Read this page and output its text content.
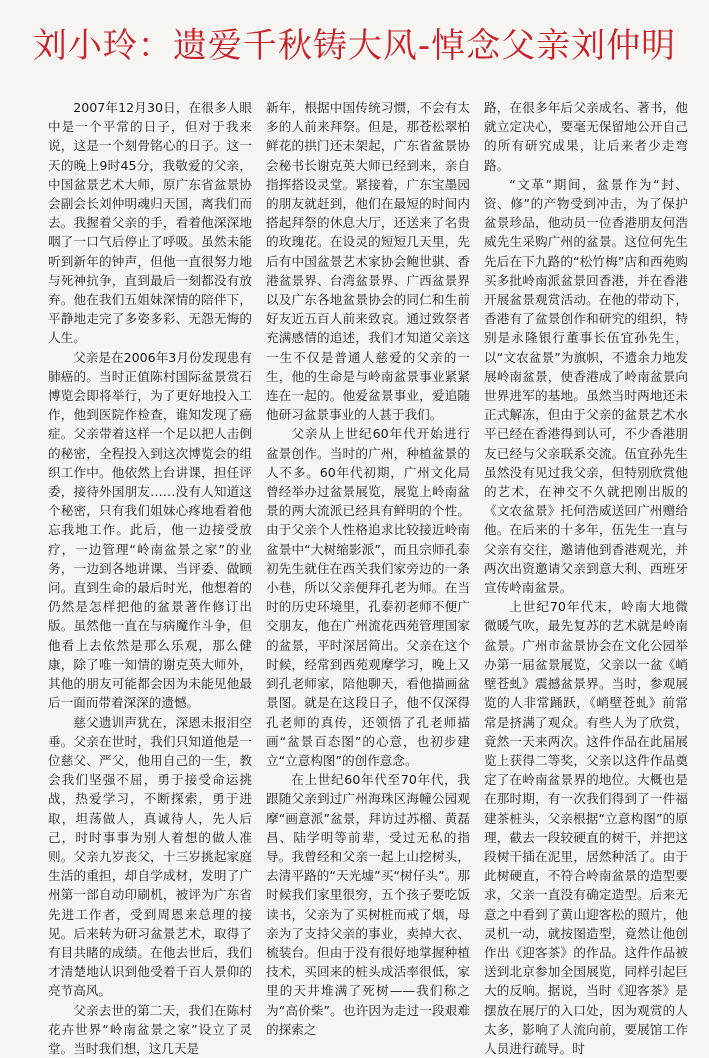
刘小玲：遗爱千秋铸大风-悼念父亲刘仲明

2007年12月30日，在很多人眼中是一个平常的日子，但对于我来说，这是一个刻骨铭心的日子。这一天的晚上9时45分，我敬爱的父亲，中国盆景艺术大师，原广东省盆景协会副会长刘仲明魂归天国，离我们而去。我握着父亲的手，看着他深深地咽了一口气后停止了呼吸。虽然未能听到新年的钟声，但他一直很努力地与死神抗争，直到最后一刻都没有放弃。他在我们五姐妹深情的陪伴下，平静地走完了多姿多彩、无怨无悔的人生。

父亲是在2006年3月份发现患有肺癌的。当时正值陈村国际盆景赏石博览会即将举行，为了更好地投入工作，他到医院作检查，谁知发现了癌症。父亲带着这样一个足以把人击倒的秘密，全程投入到这次博览会的组织工作中。他依然上台讲课，担任评委，接待外国朋友……没有人知道这个秘密，只有我们姐妹心疼地看着他忘我地工作。此后，他一边接受放疗，一边管理“岭南盆景之家”的业务，一边到各地讲课、当评委、做顾问。直到生命的最后时光，他想着的仍然是怎样把他的盆景著作修订出版。虽然他一直在与病魔作斗争，但他看上去依然是那么乐观，那么健康，除了唯一知情的谢克英大师外，其他的朋友可能都会因为未能见他最后一面而带着深深的遗憾。

慈父遗训声犹在，深恩未报泪空垂。父亲在世时，我们只知道他是一位慈父、严父，他用自己的一生，教会我们坚强不屈，勇于接受命运挑战，热爱学习，不断探索，勇于进取，坦荡做人，真诚待人，先人后己，时时事事为别人着想的做人准则。父亲九岁丧父，十三岁挑起家庭生活的重担，却自学成材，发明了广州第一部自动印刷机，被评为广东省先进工作者，受到周恩来总理的接见。后来转为研习盆景艺术，取得了有目共睹的成绩。在他去世后，我们才清楚地认识到他受着千百人景仰的亮节高风。

父亲去世的第二天，我们在陈村花卉世界“岭南盆景之家”设立了灵堂。当时我们想，这几天是

新年，根据中国传统习惯，不会有太多的人前来拜祭。但是，那苍松翠柏鲜花的拱门还未架起，广东省盆景协会秘书长谢克英大师已经到来，亲自指挥搭设灵堂。紧接着，广东宝墨园的朋友就赶到，他们在最短的时间内搭起拜祭的休息大厅，还送来了名贵的玫瑰花。在设灵的短短几天里，先后有中国盆景艺术家协会鲍世骐、香港盆景界、台湾盆景界、广西盆景界以及广东各地盆景协会的同仁和生前好友近五百人前来致哀。通过致祭者充满感情的追述，我们才知道父亲这一生不仅是普通人慈爱的父亲的一生，他的生命是与岭南盆景事业紧紧连在一起的。他爱盆景事业，爱追随他研习盆景事业的人甚于我们。

父亲从上世纪60年代开始进行盆景创作。当时的广州，种植盆景的人不多。60年代初期，广州文化局曾经举办过盆景展览，展览上岭南盆景的两大流派已经具有鲜明的个性。由于父亲个人性格追求比较接近岭南盆景中“大树缩影派”，而且宗师孔泰初先生就住在西关我们家旁边的一条小巷，所以父亲便拜孔老为师。在当时的历史环境里，孔泰初老师不便广交朋友，他在广州流花西苑管理国家的盆景，平时深居简出。父亲在这个时候，经常到西苑观摩学习，晚上又到孔老师家，陪他聊天，看他描画盆景图。就是在这段日子，他不仅深得孔老师的真传，还领悟了孔老师描画“盆景百态图”的心意，也初步建立“立意构图”的创作意念。

在上世纪60年代至70年代，我跟随父亲到过广州海珠区海幢公园观摩“画意派”盆景，拜访过苏榴、黄磊昌、陆学明等前辈，受过无私的指导。我曾经和父亲一起上山挖树头，去清平路的“天光墟”买“树仔头”。那时候我们家里很穷，五个孩子要吃饭读书，父亲为了买树桩而戒了烟，母亲为了支持父亲的事业，卖掉大衣、梳装台。但由于没有很好地掌握种植技术，买回来的桩头成活率很低，家里的天井堆满了死树——我们称之为“高价柴”。也许因为走过一段艰难的探索之

路，在很多年后父亲成名、著书，他就立定决心，要毫无保留地公开自己的所有研究成果，让后来者少走弯路。

“文革”期间，盆景作为“封、资、修”的产物受到冲击，为了保护盆景珍品，他动员一位香港朋友何浩威先生采购广州的盆景。这位何先生先后在下九路的“松竹梅”店和西苑购买多批岭南派盆景回香港，并在香港开展盆景观赏活动。在他的带动下，香港有了盆景创作和研究的组织，特别是永隆银行董事长伍宜孙先生，以“文农盆景”为旗帜，不遗余力地发展岭南盆景，使香港成了岭南盆景向世界进军的基地。虽然当时两地还未正式解冻，但由于父亲的盆景艺术水平已经在香港得到认可，不少香港朋友已经与父亲联系交流。伍宜孙先生虽然没有见过我父亲，但特别欣赏他的艺术，在神交不久就把刚出版的《文农盆景》托何浩威送回广州赠给他。在后来的十多年，伍先生一直与父亲有交往，邀请他到香港观光，并两次出资邀请父亲到意大利、西班牙宣传岭南盆景。

上世纪70年代末，岭南大地微微暖气吹，最先复苏的艺术就是岭南盆景。广州市盆景协会在文化公园举办第一届盆景展览，父亲以一盆《峭壁苍虬》震撼盆景界。当时，参观展览的人非常踊跃，《峭壁苍虬》前常常是挤满了观众。有些人为了欣赏，竟然一天来两次。这件作品在此届展览上获得二等奖，父亲以这件作品奠定了在岭南盆景界的地位。大概也是在那时期，有一次我们得到了一件福建茶桩头，父亲根据“立意构图”的原理，截去一段较硬直的树干，并把这段树干插在泥里，居然种活了。由于此树硬直，不符合岭南盆景的造型要求，父亲一直没有确定造型。后来无意之中看到了黄山迎客松的照片，他灵机一动，就按图造型，竟然让他创作出《迎客茶》的作品。这件作品被送到北京参加全国展览，同样引起巨大的反响。据说，当时《迎客茶》是摆放在展厅的入口处，因为观赏的人太多，影响了人流向前，要展馆工作人员进行疏导。时
